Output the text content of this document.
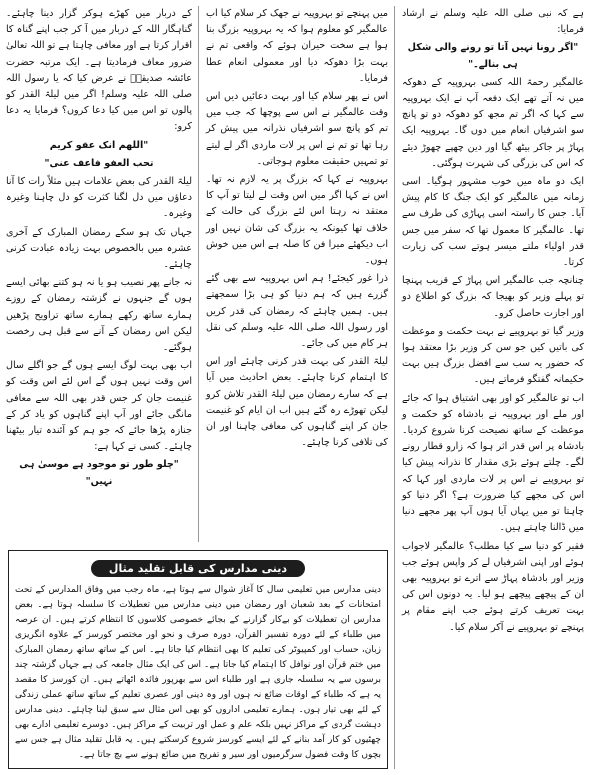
ہے کہ نبی صلی اللہ علیہ وسلم نے ارشاد فرمایا:

"اگر رونا نہیں آتا تو رونے والی شکل ہی بنالے۔"

عالمگیر رحمۃ اللہ کسی بہروپیہ کے دھوکہ میں نہ آتے تھے ایک دفعہ آپ نے ایک بہروپیہ سے کہا کہ اگر تم مجھ کو دھوکہ دو تو پانچ سو اشرفیاں انعام میں دوں گا۔ بہروپیہ ایک پہاڑ پر جاکر بیٹھ گیا اور دین چھپے چھوڑ دیئے کہ اس کی بزرگی کی شہرت ہوگئی۔

ایک دو ماہ میں خوب مشہور ہوگیا۔ اسی زمانہ میں عالمگیر کو ایک جنگ کا کام پیش آیا۔ جس کا راستہ اسی پہاڑی کی طرف سے تھا۔ عالمگیر کا معمول تھا کہ سفر میں جس قدر اولیاء ملتے میسر ہوتے سب کی زیارت کرتا۔

چنانچہ جب عالمگیر اس پہاڑ کے قریب پہنچا تو پہلے وزیر کو بھیجا کہ بزرگ کو اطلاع دو اور اجازت حاصل کرو۔

وزیر گیا تو بہروپیے نے بہت حکمت و موعظت کی باتیں کیں جو سن کر وزیر بڑا معتقد ہوا کہ حضور یہ سب سے افضل بزرگ ہیں بہت حکیمانہ گفتگو فرماتے ہیں۔

اب تو عالمگیر کو اور بھی اشتیاق ہوا کہ جائے اور ملے اور بہروپیہ نے بادشاہ کو حکمت و موعظت کے ساتھ نصیحت کرنا شروع کردیا۔ بادشاہ پر اس قدر اثر ہوا کہ زارو قطار رونے لگے۔ چلتے ہوئے بڑی مقدار کا نذرانہ پیش کیا تو بہروپیے نے اس پر لات ماردی اور کہا کہ اس کی مجھے کیا ضرورت ہے؟ اگر دنیا کو چاہتا تو میں یہاں آیا ہوں آپ پھر مجھے دنیا میں ڈالنا چاہتے ہیں۔

فقیر کو دنیا سے کیا مطلب؟ عالمگیر لاجواب ہوئے اور اپنی اشرفیاں لے کر واپس ہوئے جب وزیر اور بادشاہ پہاڑ سے اترے تو بہروپیہ بھی ان کے پیچھے پیچھے ہو لیا۔ یہ دونوں اس کی بہت تعریف کرتے ہوئے جب اپنے مقام پر پہنچے تو بہروپیے نے آکر سلام کیا۔

میں پہنچے تو بہروپیہ نے جھک کر سلام کیا اب عالمگیر کو معلوم ہوا کہ یہ بہروپیہ بزرگ بنا ہوا ہے سخت حیران ہوئے کہ واقعی تم نے بہت بڑا دھوکہ دیا اور معمولی انعام عطا فرمایا۔

اس نے پھر سلام کیا اور بہت دعائیں دیں اس وقت عالمگیر نے اس سے پوچھا کہ جب میں تم کو پانچ سو اشرفیاں نذرانہ میں پیش کر رہا تھا تو تم نے اس پر لات ماردی اگر لے لیتے تو تمہیں حقیقت معلوم ہوجاتی۔

بہروپیہ نے کہا کہ بزرگ پر یہ لازم نہ تھا۔ اس نے کہا اگر میں اس وقت لے لیتا تو آپ کا معتقد نہ رہتا اس لئے بزرگ کی حالت کے خلاف تھا کیونکہ یہ بزرگ کی شان نہیں اور اب دیکھئے میرا فن کا صلہ ہے اس میں خوش ہوں۔

ذرا غور کیجئے! ہم اس بہروپیہ سے بھی گئے گزرے ہیں کہ ہم دنیا کو ہی بڑا سمجھتے ہیں۔ ہمیں چاہئے کہ رمضان کی قدر کریں اور رسول اللہ صلی اللہ علیہ وسلم کی نقل ہر کام میں کی جائے۔

لیلۃ القدر کی بہت قدر کرنی چاہئے اور اس کا اہتمام کرنا چاہئے۔ بعض احادیث میں آیا ہے کہ سارے رمضان میں لیلۃ القدر تلاش کرو لیکن تھوڑے رہ گئے ہیں اب ان ایام کو غنیمت جان کر اپنے گناہوں کی معافی چاہنا اور ان کی تلافی کرنا چاہئے۔

کے دربار میں کھڑے ہوکر گزار دینا چاہئے۔ گناہگار اللہ کے دربار میں آ کر جب اپنے گناہ کا اقرار کرتا ہے اور معافی چاہتا ہے تو اللہ تعالیٰ ضرور معاف فرمادیتا ہے۔ ایک مرتبہ حضرت عائشہ صدیقہؓ نے عرض کیا کہ یا رسول اللہ صلی اللہ علیہ وسلم! اگر میں لیلۃ القدر کو پالوں تو اس میں کیا دعا کروں؟ فرمایا یہ دعا کرو:

"اللھم انک عفو کریم

تحب العفو فاعف عنی"

لیلۃ القدر کی بعض علامات ہیں مثلاً رات کا آنا دعاؤں میں دل لگنا کثرت کو دل چاہنا وغیرہ وغیرہ۔

جہاں تک ہو سکے رمضان المبارک کے آخری عشرہ میں بالخصوص بہت زیادہ عبادت کرنی چاہئے۔

نہ جانے پھر نصیب ہو یا نہ ہو کتنے بھائی ایسے ہوں گے جنہوں نے گزشتہ رمضان کے روزے ہمارے ساتھ رکھے ہمارے ساتھ تراویح پڑھیں لیکن اس رمضان کے آنے سے قبل ہی رخصت ہوگئے۔

اب بھی بہت لوگ ایسے ہوں گے جو اگلے سال اس وقت نہیں ہوں گے اس لئے اس وقت کو غنیمت جان کر جس قدر بھی اللہ سے معافی مانگی جائے اور آپ اپنے گناہوں کو یاد کر کے جنازہ پڑھا جائے کہ جو ہم کو آئندہ تیار بیٹھنا چاہئے۔ کسی نے کہا ہے:

"چلو طور تو موجود ہے موسیٰ ہی نہیں"

دینی مدارس کی قابل تقلید مثال
دینی مدارس میں تعلیمی سال کا آغاز شوال سے ہوتا ہے، ماہ رجب میں وفاق المدارس کے تحت امتحانات کے بعد شعبان اور رمضان میں دینی مدارس میں تعطیلات کا سلسلہ ہوتا ہے۔ بعض مدارس ان تعطیلات کو بےکار گزارنے کے بجائے خصوصی کلاسوں کا انتظام کرتے ہیں۔ ان عرصہ میں طلباء کے لئے دورہ تفسیر القرآن، دورہ صرف و نحو اور مختصر کورسز کے علاوہ انگریزی زبان، حساب اور کمپیوٹر کی تعلیم کا بھی انتظام کیا جاتا ہے۔ اس کے ساتھ ساتھ رمضان المبارک میں ختم قرآن اور نوافل کا اہتمام کیا جاتا ہے۔ اس کی ایک مثال جامعہ کی ہے جہاں گزشتہ چند برسوں سے یہ سلسلہ جاری ہے اور طلباء اس سے بھرپور فائدہ اٹھاتے ہیں۔ ان کورسز کا مقصد یہ ہے کہ طلباء کے اوقات ضائع نہ ہوں اور وہ دینی اور عصری تعلیم کے ساتھ ساتھ عملی زندگی کے لئے بھی تیار ہوں۔ ہمارے تعلیمی اداروں کو بھی اس مثال سے سبق لینا چاہئے۔ دینی مدارس دہشت گردی کے مراکز نہیں بلکہ علم و عمل اور تربیت کے مراکز ہیں۔ دوسرے تعلیمی ادارے بھی چھٹیوں کو کار آمد بنانے کے لئے ایسے کورسز شروع کرسکتے ہیں۔ یہ قابل تقلید مثال ہے جس سے بچوں کا وقت فضول سرگرمیوں اور سیر و تفریح میں ضائع ہونے سے بچ جاتا ہے۔
